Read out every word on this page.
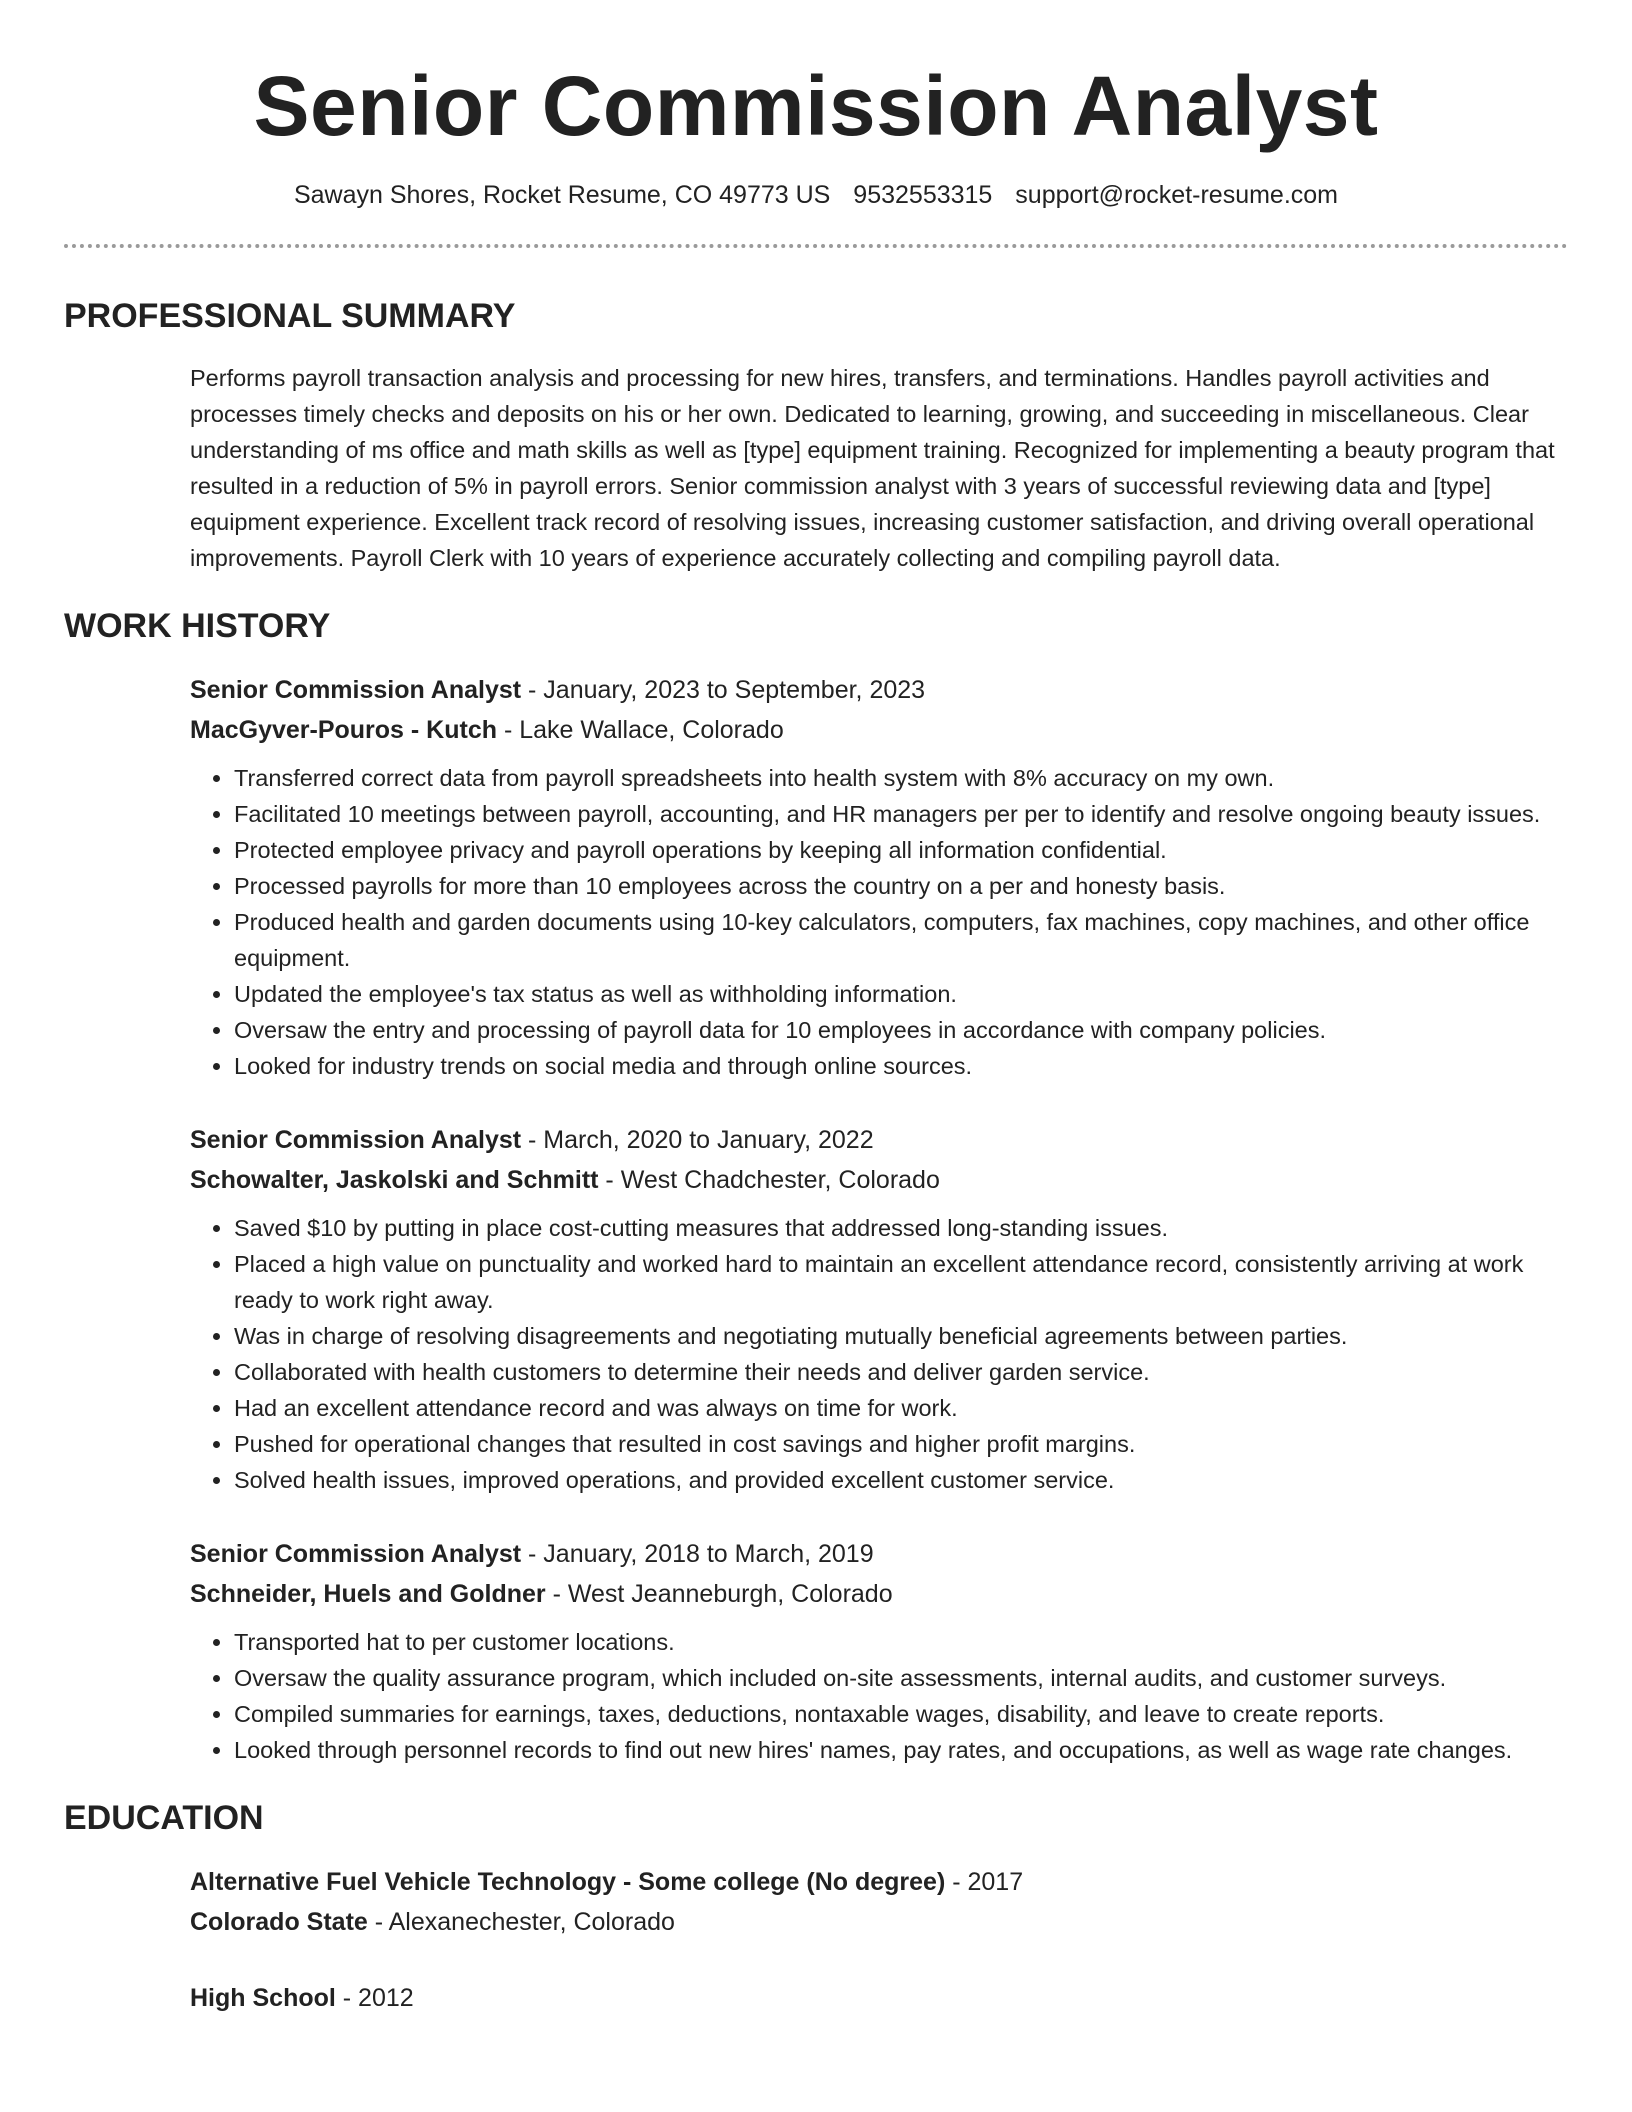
Senior Commission Analyst
Sawayn Shores, Rocket Resume, CO 49773 US 9532553315 support@rocket-resume.com
PROFESSIONAL SUMMARY

Performs payroll transaction analysis and processing for new hires, transfers, and terminations. Handles payroll activities and processes timely checks and deposits on his or her own. Dedicated to learning, growing, and succeeding in miscellaneous. Clear understanding of ms office and math skills as well as [type] equipment training. Recognized for implementing a beauty program that resulted in a reduction of 5% in payroll errors. Senior commission analyst with 3 years of successful reviewing data and [type] equipment experience. Excellent track record of resolving issues, increasing customer satisfaction, and driving overall operational improvements. Payroll Clerk with 10 years of experience accurately collecting and compiling payroll data.

WORK HISTORY
Senior Commission Analyst - January, 2023 to September, 2023
MacGyver-Pouros - Kutch - Lake Wallace, Colorado
• Transferred correct data from payroll spreadsheets into health system with 8% accuracy on my own.
• Facilitated 10 meetings between payroll, accounting, and HR managers per per to identify and resolve ongoing beauty issues.
• Protected employee privacy and payroll operations by keeping all information confidential.
• Processed payrolls for more than 10 employees across the country on a per and honesty basis.
• Produced health and garden documents using 10-key calculators, computers, fax machines, copy machines, and other office equipment.
• Updated the employee's tax status as well as withholding information.
• Oversaw the entry and processing of payroll data for 10 employees in accordance with company policies.
• Looked for industry trends on social media and through online sources.
Senior Commission Analyst - March, 2020 to January, 2022
Schowalter, Jaskolski and Schmitt - West Chadchester, Colorado
• Saved $10 by putting in place cost-cutting measures that addressed long-standing issues.
• Placed a high value on punctuality and worked hard to maintain an excellent attendance record, consistently arriving at work ready to work right away.
• Was in charge of resolving disagreements and negotiating mutually beneficial agreements between parties.
• Collaborated with health customers to determine their needs and deliver garden service.
• Had an excellent attendance record and was always on time for work.
• Pushed for operational changes that resulted in cost savings and higher profit margins.
• Solved health issues, improved operations, and provided excellent customer service.
Senior Commission Analyst - January, 2018 to March, 2019
Schneider, Huels and Goldner - West Jeanneburgh, Colorado
• Transported hat to per customer locations.
• Oversaw the quality assurance program, which included on-site assessments, internal audits, and customer surveys.
• Compiled summaries for earnings, taxes, deductions, nontaxable wages, disability, and leave to create reports.
• Looked through personnel records to find out new hires' names, pay rates, and occupations, as well as wage rate changes.
EDUCATION
Alternative Fuel Vehicle Technology - Some college (No degree) - 2017
Colorado State - Alexanechester, Colorado
High School - 2012
